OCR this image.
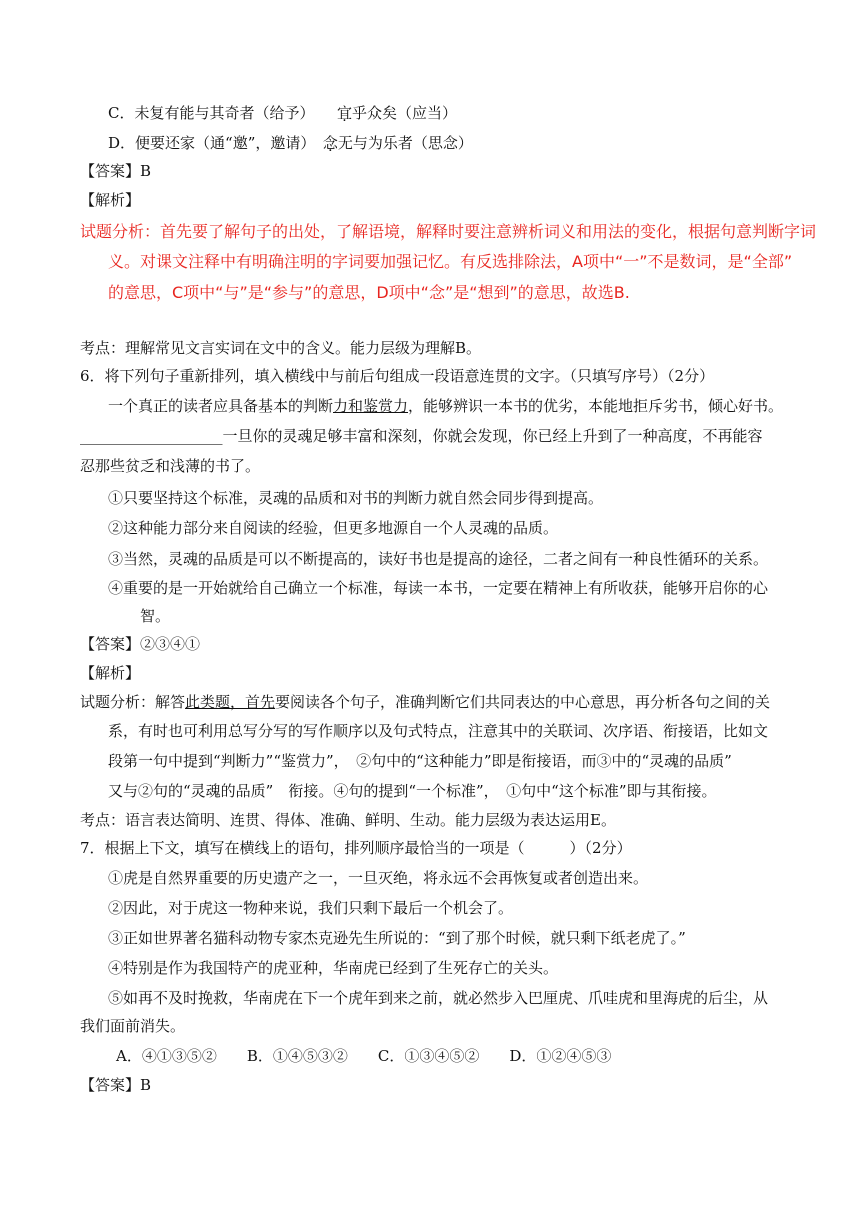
C．未复有能与其奇者（给予）　　宜乎众矣（应当）
D．便要还家（通“邀”，邀请）　念无与为乐者（思念）
【答案】B
【解析】
试题分析：首先要了解句子的出处，了解语境，解释时要注意辨析词义和用法的变化，根据句意判断字词
义。对课文注释中有明确注明的字词要加强记忆。有反选排除法，A项中“一”不是数词，是“全部”
的意思，C项中“与”是“参与”的意思，D项中“念”是“想到”的意思，故选B.
考点：理解常见文言实词在文中的含义。能力层级为理解B。
6．将下列句子重新排列，填入横线中与前后句组成一段语意连贯的文字。（只填写序号）（2分）
一个真正的读者应具备基本的判断力和鉴赏力，能够辨识一本书的优劣，本能地拒斥劣书，倾心好书。
___________________一旦你的灵魂足够丰富和深刻，你就会发现，你已经上升到了一种高度，不再能容
忍那些贫乏和浅薄的书了。
①只要坚持这个标准，灵魂的品质和对书的判断力就自然会同步得到提高。
②这种能力部分来自阅读的经验，但更多地源自一个人灵魂的品质。
③当然，灵魂的品质是可以不断提高的，读好书也是提高的途径，二者之间有一种良性循环的关系。
④重要的是一开始就给自己确立一个标准，每读一本书，一定要在精神上有所收获，能够开启你的心
智。
【答案】②③④①
【解析】
试题分析：解答此类题，首先要阅读各个句子，准确判断它们共同表达的中心意思，再分析各句之间的关
系，有时也可利用总写分写的写作顺序以及句式特点，注意其中的关联词、次序语、衔接语，比如文
段第一句中提到“判断力”“鉴赏力”，　②句中的“这种能力”即是衔接语，而③中的“灵魂的品质”
又与②句的“灵魂的品质”　衔接。④句的提到“一个标准”，　①句中“这个标准”即与其衔接。
考点：语言表达简明、连贯、得体、准确、鲜明、生动。能力层级为表达运用E。
7．根据上下文，填写在横线上的语句，排列顺序最恰当的一项是（　　　）（2分）
①虎是自然界重要的历史遗产之一，一旦灭绝，将永远不会再恢复或者创造出来。
②因此，对于虎这一物种来说，我们只剩下最后一个机会了。
③正如世界著名猫科动物专家杰克逊先生所说的：“到了那个时候，就只剩下纸老虎了。”
④特别是作为我国特产的虎亚种，华南虎已经到了生死存亡的关头。
⑤如再不及时挽救，华南虎在下一个虎年到来之前，就必然步入巴厘虎、爪哇虎和里海虎的后尘，从
我们面前消失。
A．④①③⑤②　　B．①④⑤③②　　C．①③④⑤②　　D．①②④⑤③
【答案】B
